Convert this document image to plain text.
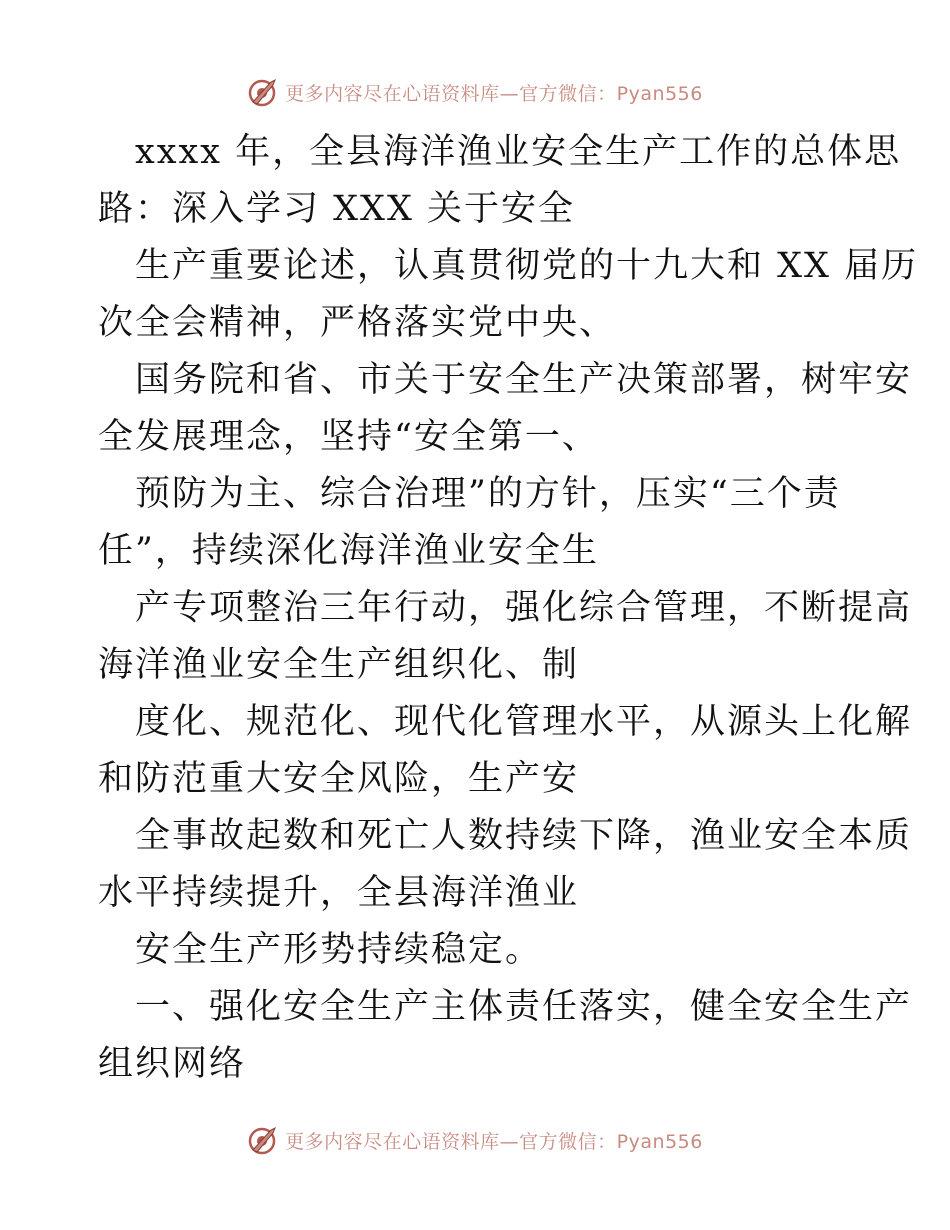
更多内容尽在心语资料库—官方微信：Pyan556

xxxx 年，全县海洋渔业安全生产工作的总体思
路：深入学习 XXX 关于安全

生产重要论述，认真贯彻党的十九大和 XX 届历
次全会精神，严格落实党中央、

国务院和省、市关于安全生产决策部署，树牢安
全发展理念，坚持“安全第一、

预防为主、综合治理”的方针，压实“三个责
任”，持续深化海洋渔业安全生

产专项整治三年行动，强化综合管理，不断提高
海洋渔业安全生产组织化、制

度化、规范化、现代化管理水平，从源头上化解
和防范重大安全风险，生产安

全事故起数和死亡人数持续下降，渔业安全本质
水平持续提升，全县海洋渔业

安全生产形势持续稳定。

一、强化安全生产主体责任落实，健全安全生产
组织网络

更多内容尽在心语资料库—官方微信：Pyan556
